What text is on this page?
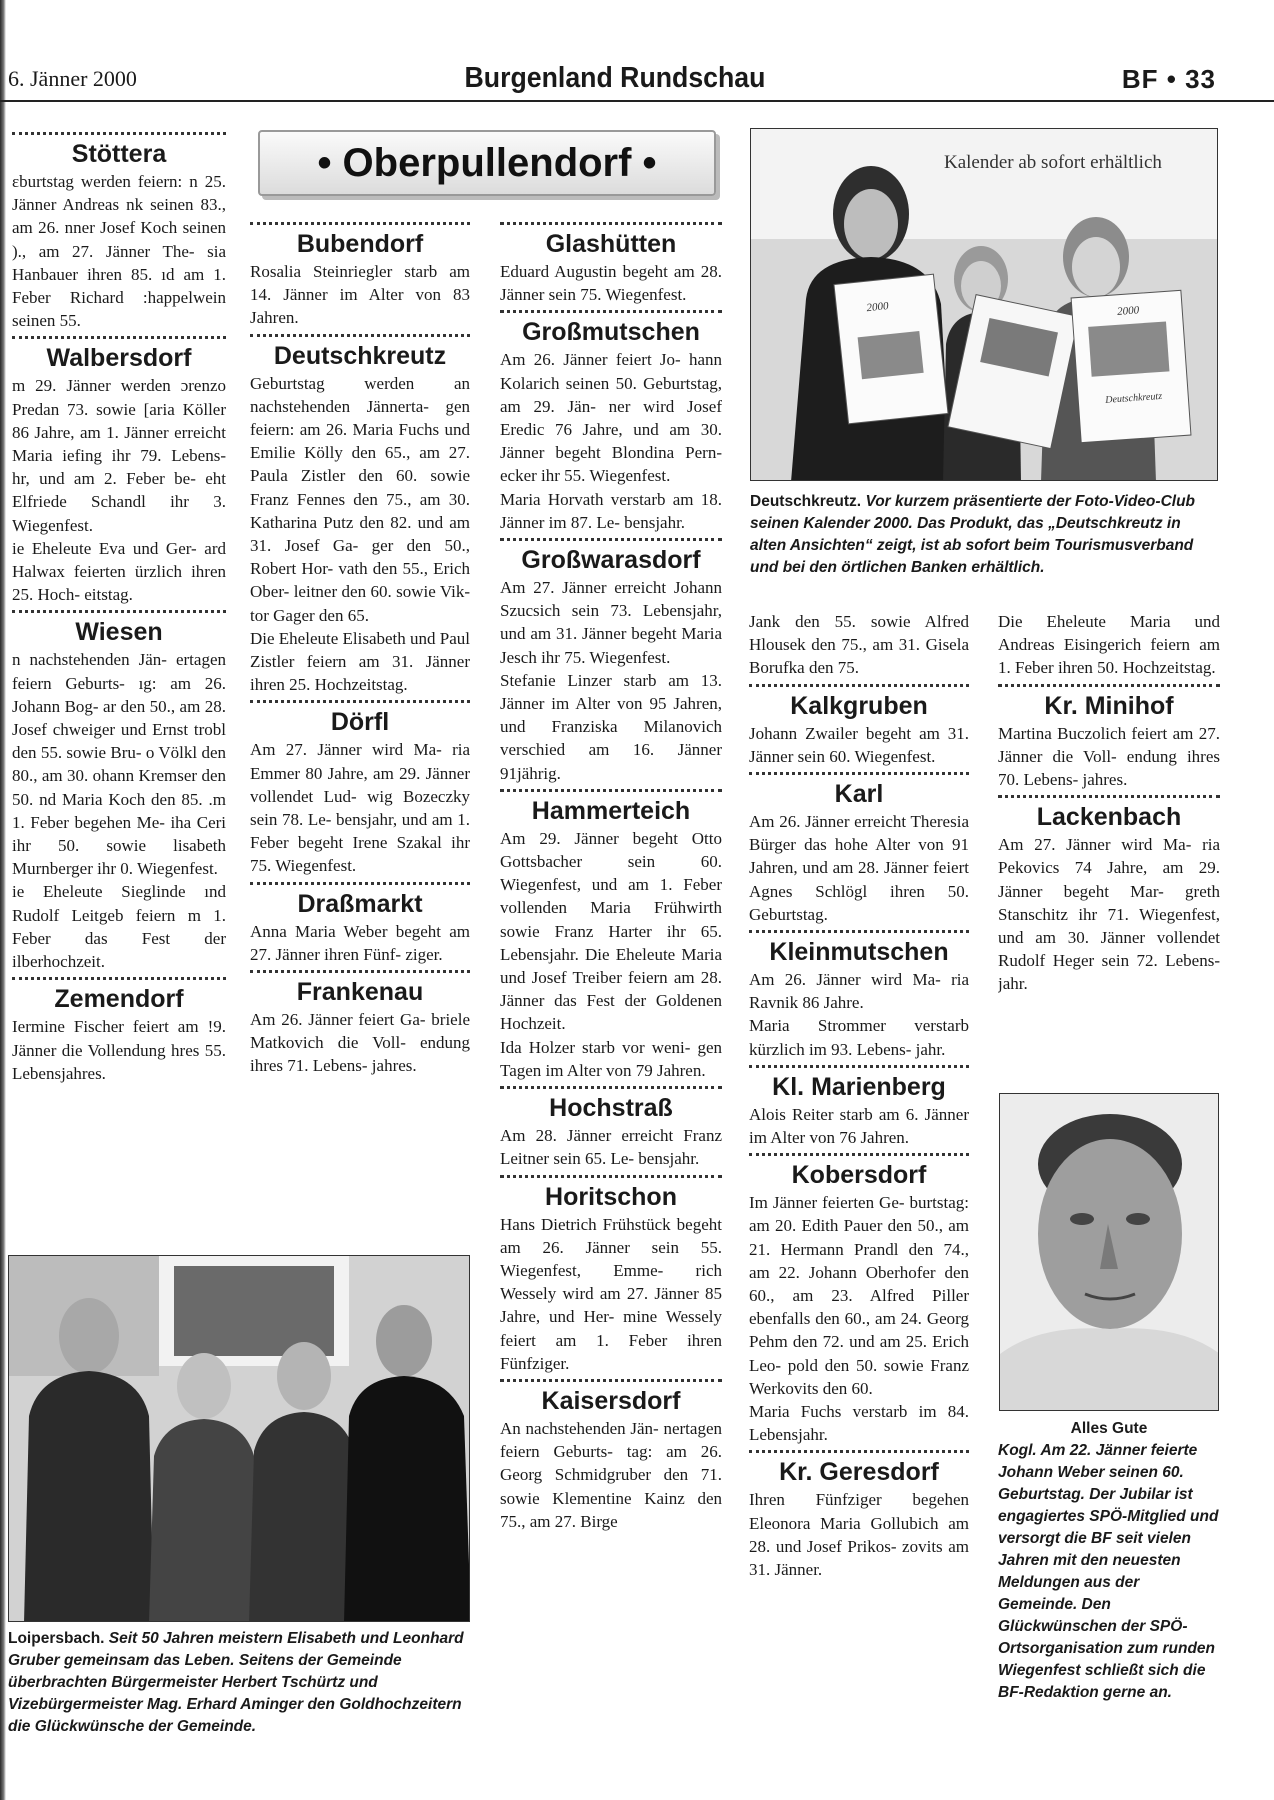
6. Jänner 2000	Burgenland Rundschau	BF • 33
• Oberpullendorf •
Stöttera

ɛburtstag werden feiern: n 25. Jänner Andreas nk seinen 83., am 26. nner Josef Koch seinen )., am 27. Jänner The- sia Hanbauer ihren 85. ıd am 1. Feber Richard :happelwein seinen 55.

Walbersdorf

m 29. Jänner werden ɔrenzo Predan 73. sowie [aria Köller 86 Jahre, am 1. Jänner erreicht Maria iefing ihr 79. Lebens- hr, und am 2. Feber be- eht Elfriede Schandl ihr 3. Wiegenfest.

ie Eheleute Eva und Ger- ard Halwax feierten ürzlich ihren 25. Hoch- eitstag.

Wiesen

n nachstehenden Jän- ertagen feiern Geburts- ıg: am 26. Johann Bog- ar den 50., am 28. Josef chweiger und Ernst trobl den 55. sowie Bru- o Völkl den 80., am 30. ohann Kremser den 50. nd Maria Koch den 85. .m 1. Feber begehen Me- iha Ceri ihr 50. sowie lisabeth Murnberger ihr 0. Wiegenfest.

ie Eheleute Sieglinde ınd Rudolf Leitgeb feiern m 1. Feber das Fest der ilberhochzeit.

Zemendorf

Iermine Fischer feiert am !9. Jänner die Vollendung hres 55. Lebensjahres.

Bubendorf

Rosalia Steinriegler starb am 14. Jänner im Alter von 83 Jahren.

Deutschkreutz

Geburtstag werden an nachstehenden Jännerta- gen feiern: am 26. Maria Fuchs und Emilie Kölly den 65., am 27. Paula Zistler den 60. sowie Franz Fennes den 75., am 30. Katharina Putz den 82. und am 31. Josef Ga- ger den 50., Robert Hor- vath den 55., Erich Ober- leitner den 60. sowie Vik- tor Gager den 65.

Die Eheleute Elisabeth und Paul Zistler feiern am 31. Jänner ihren 25. Hochzeitstag.

Dörfl

Am 27. Jänner wird Ma- ria Emmer 80 Jahre, am 29. Jänner vollendet Lud- wig Bozeczky sein 78. Le- bensjahr, und am 1. Feber begeht Irene Szakal ihr 75. Wiegenfest.

Draßmarkt

Anna Maria Weber begeht am 27. Jänner ihren Fünf- ziger.

Frankenau

Am 26. Jänner feiert Ga- briele Matkovich die Voll- endung ihres 71. Lebens- jahres.

Glashütten

Eduard Augustin begeht am 28. Jänner sein 75. Wiegenfest.

Großmutschen

Am 26. Jänner feiert Jo- hann Kolarich seinen 50. Geburtstag, am 29. Jän- ner wird Josef Eredic 76 Jahre, und am 30. Jänner begeht Blondina Pern- ecker ihr 55. Wiegenfest.

Maria Horvath verstarb am 18. Jänner im 87. Le- bensjahr.

Großwarasdorf

Am 27. Jänner erreicht Johann Szucsich sein 73. Lebensjahr, und am 31. Jänner begeht Maria Jesch ihr 75. Wiegenfest.

Stefanie Linzer starb am 13. Jänner im Alter von 95 Jahren, und Franziska Milanovich verschied am 16. Jänner 91jährig.

Hammerteich

Am 29. Jänner begeht Otto Gottsbacher sein 60. Wiegenfest, und am 1. Feber vollenden Maria Frühwirth sowie Franz Harter ihr 65. Lebensjahr. Die Eheleute Maria und Josef Treiber feiern am 28. Jänner das Fest der Goldenen Hochzeit.

Ida Holzer starb vor weni- gen Tagen im Alter von 79 Jahren.

Hochstraß

Am 28. Jänner erreicht Franz Leitner sein 65. Le- bensjahr.

Horitschon

Hans Dietrich Frühstück begeht am 26. Jänner sein 55. Wiegenfest, Emme- rich Wessely wird am 27. Jänner 85 Jahre, und Her- mine Wessely feiert am 1. Feber ihren Fünfziger.

Kaisersdorf

An nachstehenden Jän- nertagen feiern Geburts- tag: am 26. Georg Schmidgruber den 71. sowie Klementine Kainz den 75., am 27. Birge

Jank den 55. sowie Alfred Hlousek den 75., am 31. Gisela Borufka den 75.

Kalkgruben

Johann Zwailer begeht am 31. Jänner sein 60. Wiegenfest.

Karl

Am 26. Jänner erreicht Theresia Bürger das hohe Alter von 91 Jahren, und am 28. Jänner feiert Agnes Schlögl ihren 50. Geburtstag.

Kleinmutschen

Am 26. Jänner wird Ma- ria Ravnik 86 Jahre.

Maria Strommer verstarb kürzlich im 93. Lebens- jahr.

Kl. Marienberg

Alois Reiter starb am 6. Jänner im Alter von 76 Jahren.

Kobersdorf

Im Jänner feierten Ge- burtstag: am 20. Edith Pauer den 50., am 21. Hermann Prandl den 74., am 22. Johann Oberhofer den 60., am 23. Alfred Piller ebenfalls den 60., am 24. Georg Pehm den 72. und am 25. Erich Leo- pold den 50. sowie Franz Werkovits den 60.

Maria Fuchs verstarb im 84. Lebensjahr.

Kr. Geresdorf

Ihren Fünfziger begehen Eleonora Maria Gollubich am 28. und Josef Prikos- zovits am 31. Jänner.

Die Eheleute Maria und Andreas Eisingerich feiern am 1. Feber ihren 50. Hochzeitstag.

Kr. Minihof

Martina Buczolich feiert am 27. Jänner die Voll- endung ihres 70. Lebens- jahres.

Lackenbach

Am 27. Jänner wird Ma- ria Pekovics 74 Jahre, am 29. Jänner begeht Mar- greth Stanschitz ihr 71. Wiegenfest, und am 30. Jänner vollendet Rudolf Heger sein 72. Lebens- jahr.

2000	2000
Deutschkreutz
Kalender ab sofort erhältlich
Deutschkreutz. Vor kurzem präsentierte der Foto-Video-Club seinen Kalender 2000. Das Produkt, das „Deutschkreutz in alten Ansichten“ zeigt, ist ab sofort beim Tourismusverband und bei den örtlichen Banken erhältlich.
Loipersbach. Seit 50 Jahren meistern Elisabeth und Leonhard Gruber gemeinsam das Leben. Seitens der Gemeinde überbrachten Bürgermeister Herbert Tschürtz und Vizebürgermeister Mag. Erhard Aminger den Goldhochzeitern die Glückwünsche der Gemeinde.
Alles Gute
Kogl. Am 22. Jänner feierte Johann Weber seinen 60. Geburtstag. Der Jubilar ist engagiertes SPÖ-Mitglied und versorgt die BF seit vielen Jahren mit den neuesten Meldungen aus der Gemeinde. Den Glückwünschen der SPÖ-Ortsorganisation zum runden Wiegenfest schließt sich die BF-Redaktion gerne an.
